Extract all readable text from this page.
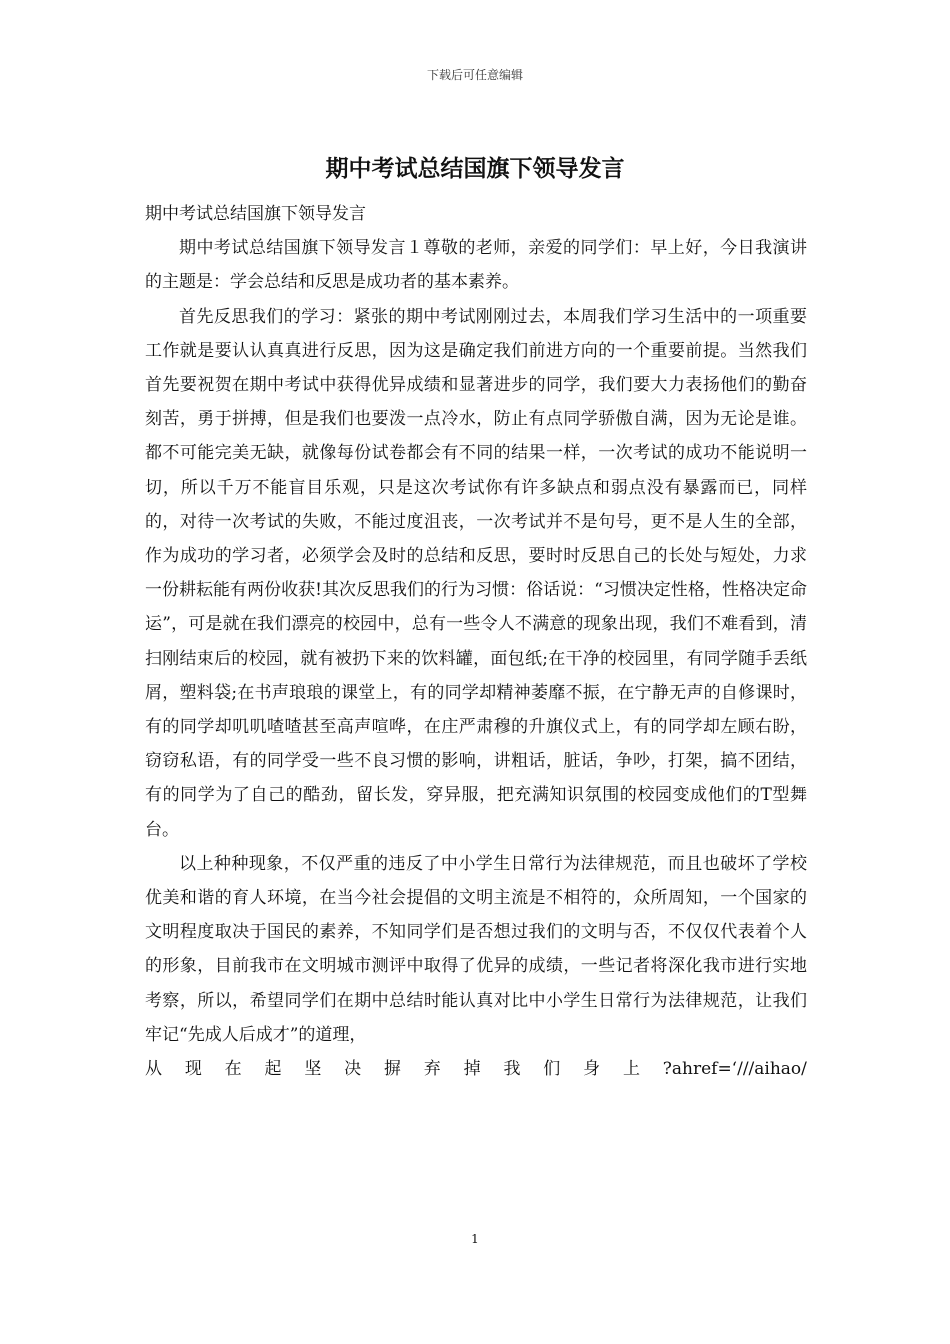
下载后可任意编辑
期中考试总结国旗下领导发言

期中考试总结国旗下领导发言

期中考试总结国旗下领导发言１尊敬的老师，亲爱的同学们：早上好，今日我演讲的主题是：学会总结和反思是成功者的基本素养。

首先反思我们的学习：紧张的期中考试刚刚过去，本周我们学习生活中的一项重要工作就是要认认真真进行反思，因为这是确定我们前进方向的一个重要前提。当然我们首先要祝贺在期中考试中获得优异成绩和显著进步的同学，我们要大力表扬他们的勤奋刻苦，勇于拼搏，但是我们也要泼一点冷水，防止有点同学骄傲自满，因为无论是谁。都不可能完美无缺，就像每份试卷都会有不同的结果一样，一次考试的成功不能说明一切，所以千万不能盲目乐观，只是这次考试你有许多缺点和弱点没有暴露而已，同样的，对待一次考试的失败，不能过度沮丧，一次考试并不是句号，更不是人生的全部，作为成功的学习者，必须学会及时的总结和反思，要时时反思自己的长处与短处，力求一份耕耘能有两份收获!其次反思我们的行为习惯：俗话说：“习惯决定性格，性格决定命运”，可是就在我们漂亮的校园中，总有一些令人不满意的现象出现，我们不难看到，清扫刚结束后的校园，就有被扔下来的饮料罐，面包纸;在干净的校园里，有同学随手丢纸屑，塑料袋;在书声琅琅的课堂上，有的同学却精神萎靡不振，在宁静无声的自修课时，有的同学却叽叽喳喳甚至高声喧哗，在庄严肃穆的升旗仪式上，有的同学却左顾右盼，窃窃私语，有的同学受一些不良习惯的影响，讲粗话，脏话，争吵，打架，搞不团结，有的同学为了自己的酷劲，留长发，穿异服，把充满知识氛围的校园变成他们的T型舞台。

以上种种现象，不仅严重的违反了中小学生日常行为法律规范，而且也破坏了学校优美和谐的育人环境，在当今社会提倡的文明主流是不相符的，众所周知，一个国家的文明程度取决于国民的素养，不知同学们是否想过我们的文明与否，不仅仅代表着个人的形象，目前我市在文明城市测评中取得了优异的成绩，一些记者将深化我市进行实地考察，所以，希望同学们在期中总结时能认真对比中小学生日常行为法律规范，让我们牢记“先成人后成才”的道理，

从 现 在 起 坚 决 摒 弃 掉 我 们 身 上 ?ahref=‘///aihao/

1
